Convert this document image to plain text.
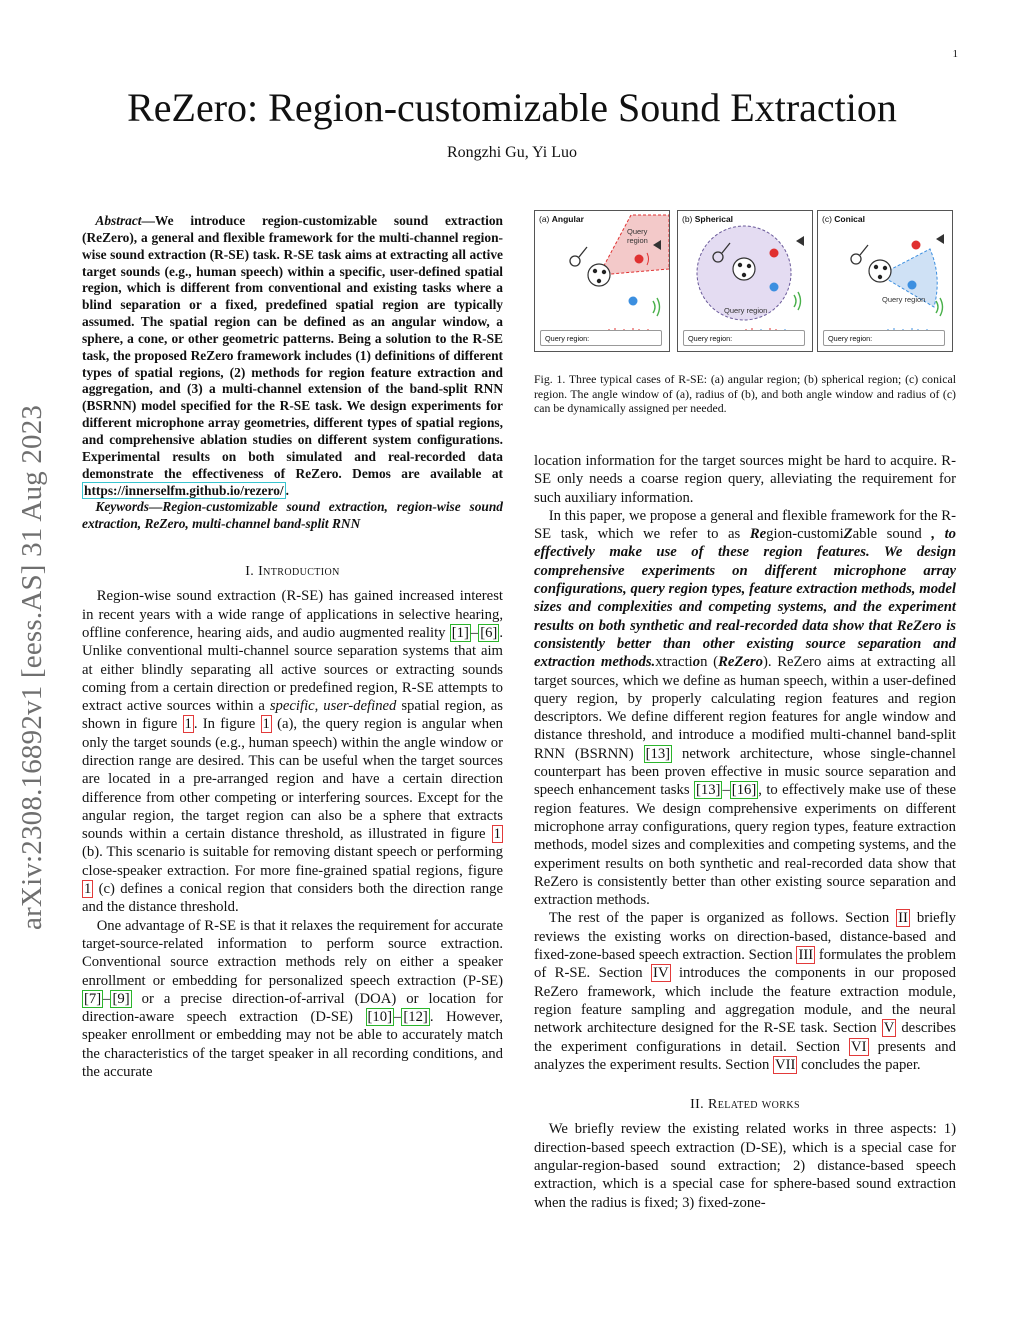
1
ReZero: Region-customizable Sound Extraction
Rongzhi Gu, Yi Luo
arXiv:2308.16892v1 [eess.AS] 31 Aug 2023

Abstract—We introduce region-customizable sound extraction (ReZero), a general and flexible framework for the multi-channel region-wise sound extraction (R-SE) task. R-SE task aims at extracting all active target sounds (e.g., human speech) within a specific, user-defined spatial region, which is different from conventional and existing tasks where a blind separation or a fixed, predefined spatial region are typically assumed. The spatial region can be defined as an angular window, a sphere, a cone, or other geometric patterns. Being a solution to the R-SE task, the proposed ReZero framework includes (1) definitions of different types of spatial regions, (2) methods for region feature extraction and aggregation, and (3) a multi-channel extension of the band-split RNN (BSRNN) model specified for the R-SE task. We design experiments for different microphone array geometries, different types of spatial regions, and comprehensive ablation studies on different system configurations. Experimental results on both simulated and real-recorded data demonstrate the effectiveness of ReZero. Demos are available at https://innerselfm.github.io/rezero/ .

Keywords—Region-customizable sound extraction, region-wise sound extraction, ReZero, multi-channel band-split RNN

I. Introduction

Region-wise sound extraction (R-SE) has gained increased interest in recent years with a wide range of applications in selective hearing, offline conference, hearing aids, and audio augmented reality [1] – [6] . Unlike conventional multi-channel source separation systems that aim at either blindly separating all active sources or extracting sounds coming from a certain direction or predefined region, R-SE attempts to extract active sources within a specific, user-defined spatial region, as shown in figure 1 . In figure 1 (a), the query region is angular when only the target sounds (e.g., human speech) within the angle window or direction range are desired. This can be useful when the target sources are located in a pre-arranged region and have a certain direction difference from other competing or interfering sources. Except for the angular region, the target region can also be a sphere that extracts sounds within a certain distance threshold, as illustrated in figure 1 (b). This scenario is suitable for removing distant speech or performing close-speaker extraction. For more fine-grained spatial regions, figure 1 (c) defines a conical region that considers both the direction range and the distance threshold.

One advantage of R-SE is that it relaxes the requirement for accurate target-source-related information to perform source extraction. Conventional source extraction methods rely on either a speaker enrollment or embedding for personalized speech extraction (P-SE) [7] – [9] or a precise direction-of-arrival (DOA) or location for direction-aware speech extraction (D-SE) [10] – [12] . However, speaker enrollment or embedding may not be able to accurately match the characteristics of the target speaker in all recording conditions, and the accurate

(a) Angular
Query region
Query region:
(b) Spherical
Query region
Query region:
(c) Conical
Query region
Query region:
Fig. 1. Three typical cases of R-SE: (a) angular region; (b) spherical region; (c) conical region. The angle window of (a), radius of (b), and both angle window and radius of (c) can be dynamically assigned per needed.

location information for the target sources might be hard to acquire. R-SE only needs a coarse region query, alleviating the requirement for such auxiliary information.

In this paper, we propose a general and flexible framework for the R-SE task, which we refer to as Region-customiZable sound , to effectively make use of these region features. We design comprehensive experiments on different microphone array configurations, query region types, feature extraction methods, model sizes and complexities and competing systems, and the experiment results on both synthetic and real-recorded data show that ReZero is consistently better than other existing source separation and extraction methods.xtraction (ReZero). ReZero aims at extracting all target sources, which we define as human speech, within a user-defined query region, by properly calculating region features and region descriptors. We define different region features for angle window and distance threshold, and introduce a modified multi-channel band-split RNN (BSRNN) [13] network architecture, whose single-channel counterpart has been proven effective in music source separation and speech enhancement tasks [13] – [16] , to effectively make use of these region features. We design comprehensive experiments on different microphone array configurations, query region types, feature extraction methods, model sizes and complexities and competing systems, and the experiment results on both synthetic and real-recorded data show that ReZero is consistently better than other existing source separation and extraction methods.

The rest of the paper is organized as follows. Section II briefly reviews the existing works on direction-based, distance-based and fixed-zone-based speech extraction. Section III formulates the problem of R-SE. Section IV introduces the components in our proposed ReZero framework, which include the feature extraction module, region feature sampling and aggregation module, and the neural network architecture designed for the R-SE task. Section V describes the experiment configurations in detail. Section VI presents and analyzes the experiment results. Section VII concludes the paper.

II. Related works

We briefly review the existing related works in three aspects: 1) direction-based speech extraction (D-SE), which is a special case for angular-region-based sound extraction; 2) distance-based speech extraction, which is a special case for sphere-based sound extraction when the radius is fixed; 3) fixed-zone-
